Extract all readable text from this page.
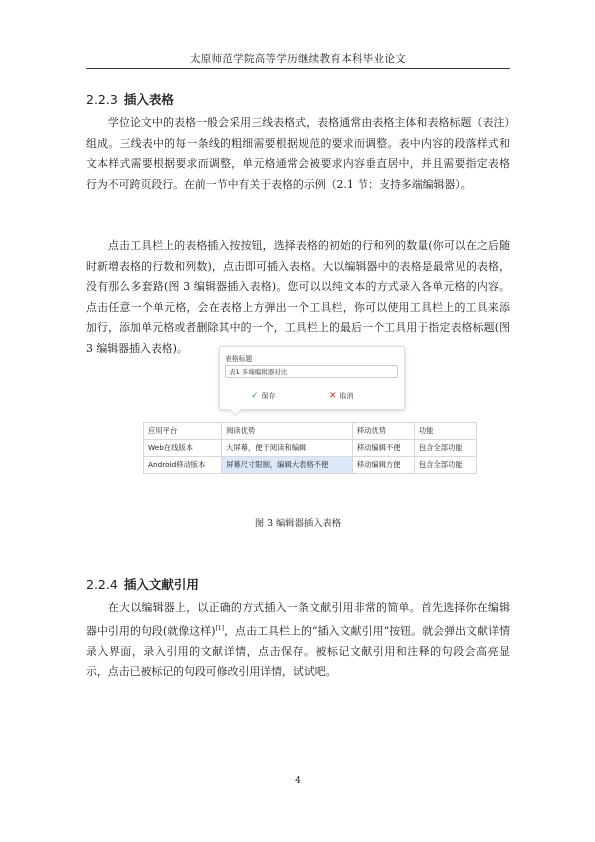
太原师范学院高等学历继续教育本科毕业论文
2.2.3 插入表格

学位论文中的表格一般会采用三线表格式，表格通常由表格主体和表格标题（表注）组成。三线表中的每一条线的粗细需要根据规范的要求而调整。表中内容的段落样式和文本样式需要根据要求而调整，单元格通常会被要求内容垂直居中，并且需要指定表格行为不可跨页段行。在前一节中有关于表格的示例（2.1 节：支持多端编辑器）。

点击工具栏上的表格插入按按钮，选择表格的初始的行和列的数量(你可以在之后随时新增表格的行数和列数)，点击即可插入表格。大以编辑器中的表格是最常见的表格，没有那么多套路(图 3 编辑器插入表格)。您可以以纯文本的方式录入各单元格的内容。点击任意一个单元格，会在表格上方弹出一个工具栏，你可以使用工具栏上的工具来添加行，添加单元格或者删除其中的一个，工具栏上的最后一个工具用于指定表格标题(图 3 编辑器插入表格)。

表格标题
表1 多端编辑器对比
✓ 保存	✕ 取消
应用平台	阅读优势	移动优势	功能
Web在线版本	大屏幕，便于阅读和编辑	移动编辑不便	包含全部功能
Android移动版本	屏幕尺寸限制，编辑大表格不便	移动编辑方便	包含全部功能
图 3 编辑器插入表格
2.2.4 插入文献引用

在大以编辑器上，以正确的方式插入一条文献引用非常的简单。首先选择你在编辑器中引用的句段(就像这样)[1]，点击工具栏上的“插入文献引用”按钮。就会弹出文献详情录入界面，录入引用的文献详情，点击保存。被标记文献引用和注释的句段会高亮显示，点击已被标记的句段可修改引用详情，试试吧。

4
